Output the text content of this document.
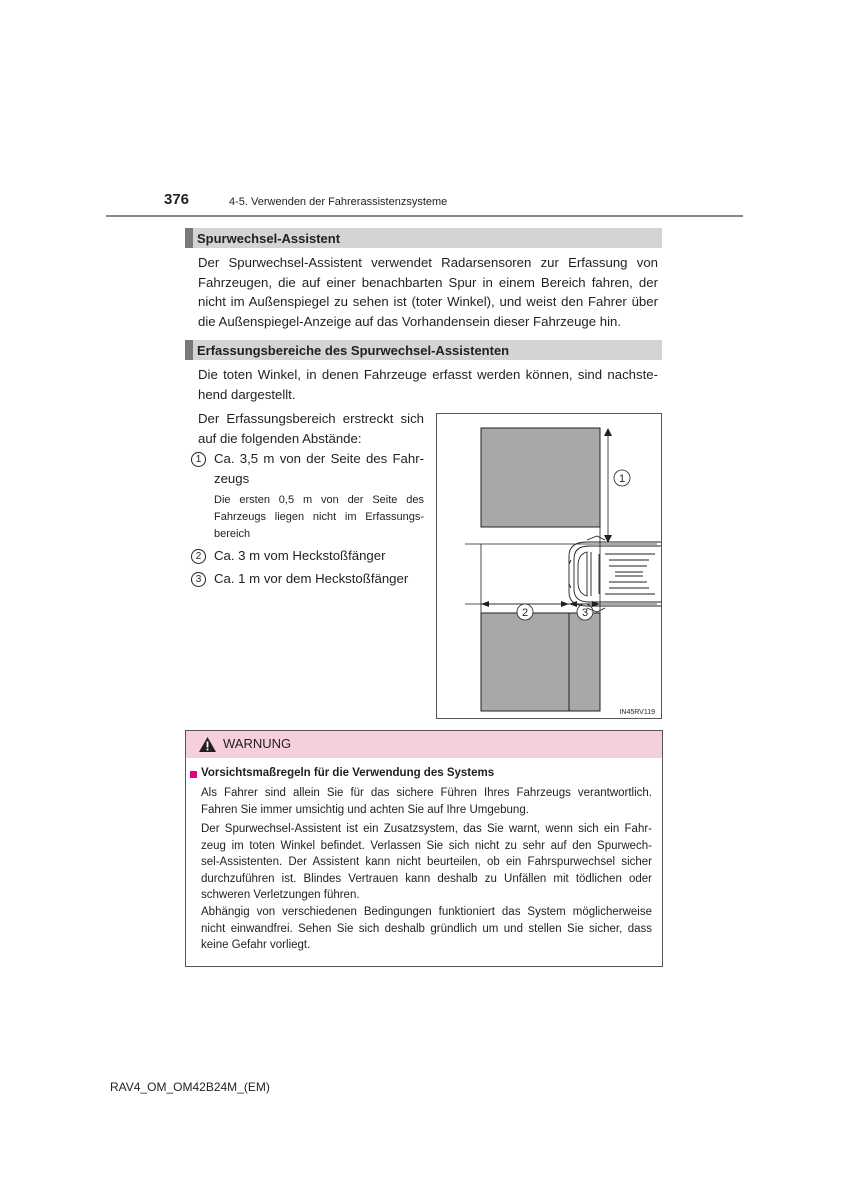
376	4-5. Verwenden der Fahrerassistenzsysteme
Spurwechsel-Assistent
Der Spurwechsel-Assistent verwendet Radarsensoren zur Erfassung von
Fahrzeugen, die auf einer benachbarten Spur in einem Bereich fahren, der
nicht im Außenspiegel zu sehen ist (toter Winkel), und weist den Fahrer über
die Außenspiegel-Anzeige auf das Vorhandensein dieser Fahrzeuge hin.
Erfassungsbereiche des Spurwechsel-Assistenten
Die toten Winkel, in denen Fahrzeuge erfasst werden können, sind nachste-
hend dargestellt.
Der Erfassungsbereich erstreckt sich
auf die folgenden Abstände:
1 Ca. 3,5 m von der Seite des Fahr-
zeugs
Die ersten 0,5 m von der Seite des
Fahrzeugs liegen nicht im Erfassungs-
bereich
2 Ca. 3 m vom Heckstoßfänger
3 Ca. 1 m vor dem Heckstoßfänger
1
2	3
IN45RV119
WARNUNG
Vorsichtsmaßregeln für die Verwendung des Systems
Als Fahrer sind allein Sie für das sichere Führen Ihres Fahrzeugs verantwortlich.
Fahren Sie immer umsichtig und achten Sie auf Ihre Umgebung.
Der Spurwechsel-Assistent ist ein Zusatzsystem, das Sie warnt, wenn sich ein Fahr-
zeug im toten Winkel befindet. Verlassen Sie sich nicht zu sehr auf den Spurwech-
sel-Assistenten. Der Assistent kann nicht beurteilen, ob ein Fahrspurwechsel sicher
durchzuführen ist. Blindes Vertrauen kann deshalb zu Unfällen mit tödlichen oder
schweren Verletzungen führen.
Abhängig von verschiedenen Bedingungen funktioniert das System möglicherweise
nicht einwandfrei. Sehen Sie sich deshalb gründlich um und stellen Sie sicher, dass
keine Gefahr vorliegt.
RAV4_OM_OM42B24M_(EM)
